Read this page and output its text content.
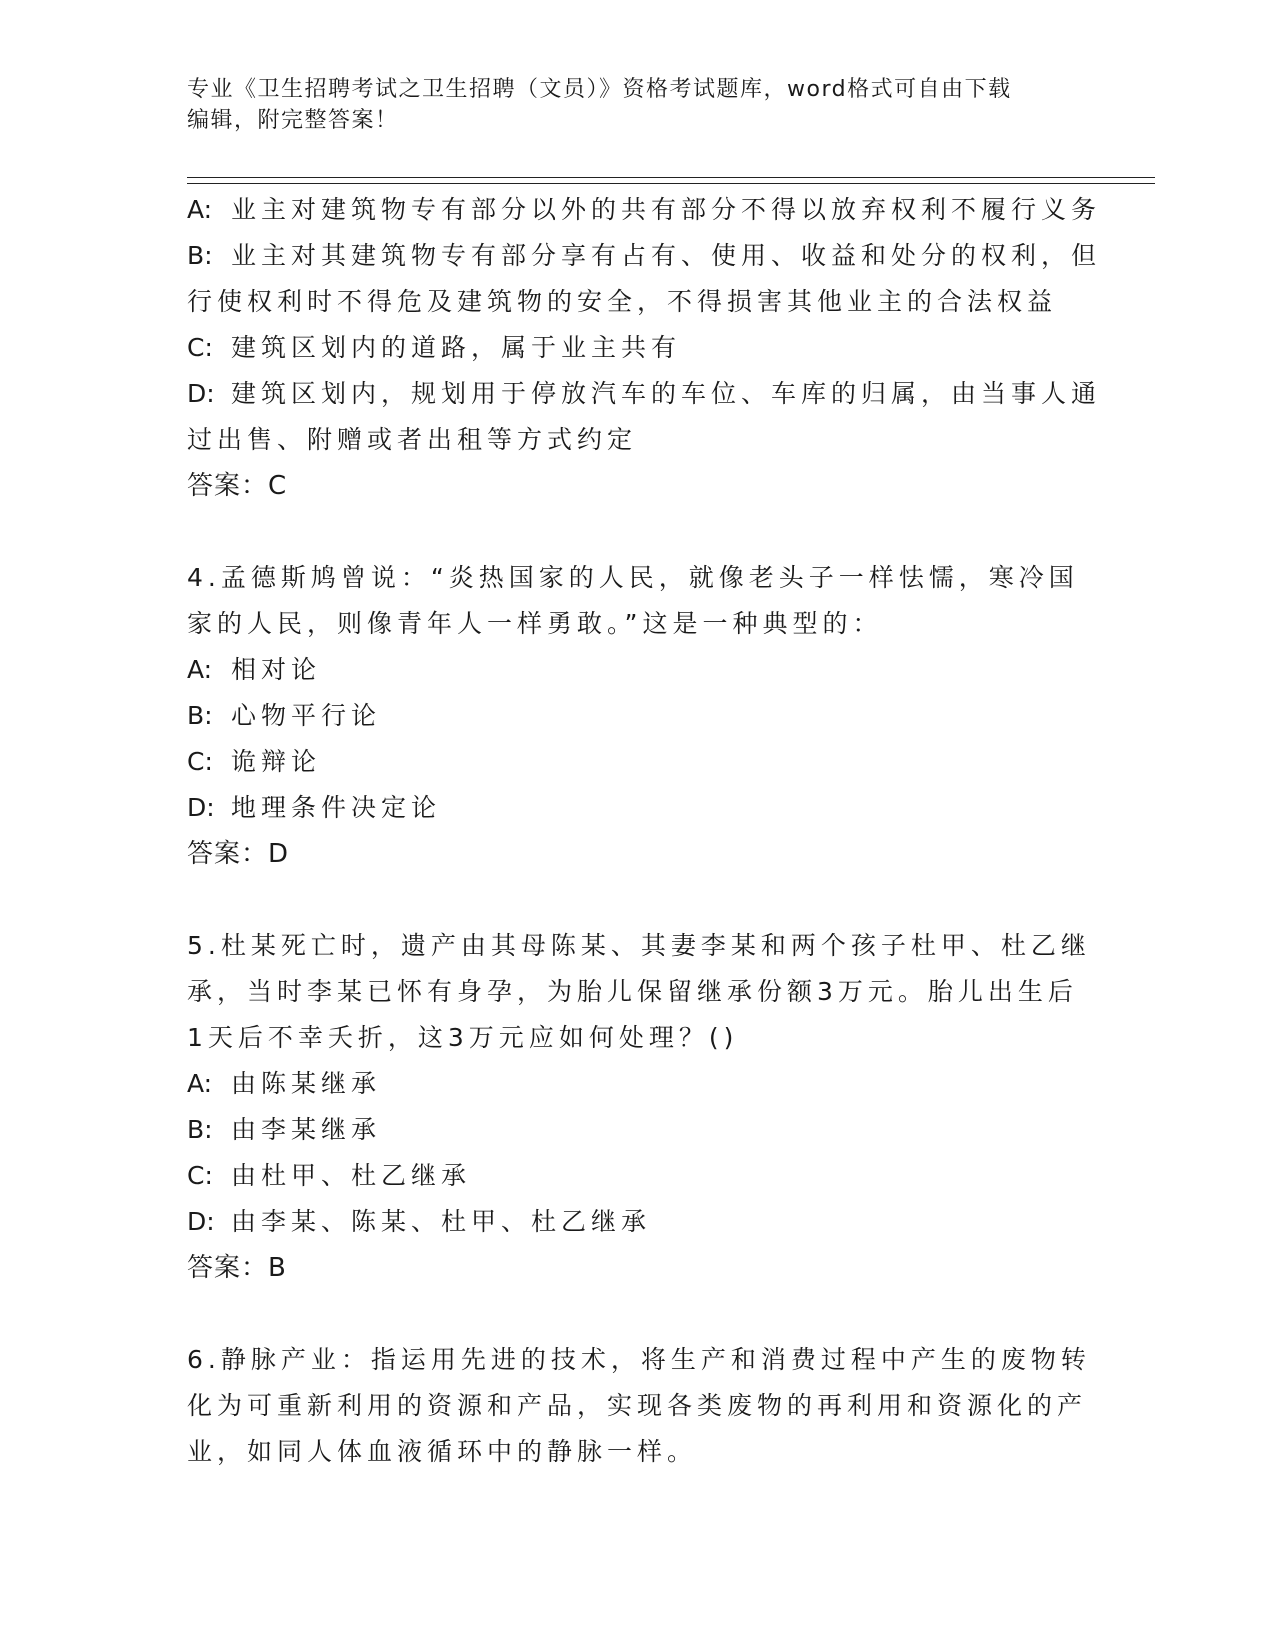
专业《卫生招聘考试之卫生招聘（文员）》资格考试题库，word格式可自由下载
编辑，附完整答案！
A: 业主对建筑物专有部分以外的共有部分不得以放弃权利不履行义务
B: 业主对其建筑物专有部分享有占有、使用、收益和处分的权利，但
行使权利时不得危及建筑物的安全，不得损害其他业主的合法权益
C: 建筑区划内的道路，属于业主共有
D: 建筑区划内，规划用于停放汽车的车位、车库的归属，由当事人通
过出售、附赠或者出租等方式约定
答案：C
4.孟德斯鸠曾说：“炎热国家的人民，就像老头子一样怯懦，寒冷国
家的人民，则像青年人一样勇敢。”这是一种典型的：
A: 相对论
B: 心物平行论
C: 诡辩论
D: 地理条件决定论
答案：D
5.杜某死亡时，遗产由其母陈某、其妻李某和两个孩子杜甲、杜乙继
承，当时李某已怀有身孕，为胎儿保留继承份额3万元。胎儿出生后
1天后不幸夭折，这3万元应如何处理？()
A: 由陈某继承
B: 由李某继承
C: 由杜甲、杜乙继承
D: 由李某、陈某、杜甲、杜乙继承
答案：B
6.静脉产业：指运用先进的技术，将生产和消费过程中产生的废物转
化为可重新利用的资源和产品，实现各类废物的再利用和资源化的产
业，如同人体血液循环中的静脉一样。
